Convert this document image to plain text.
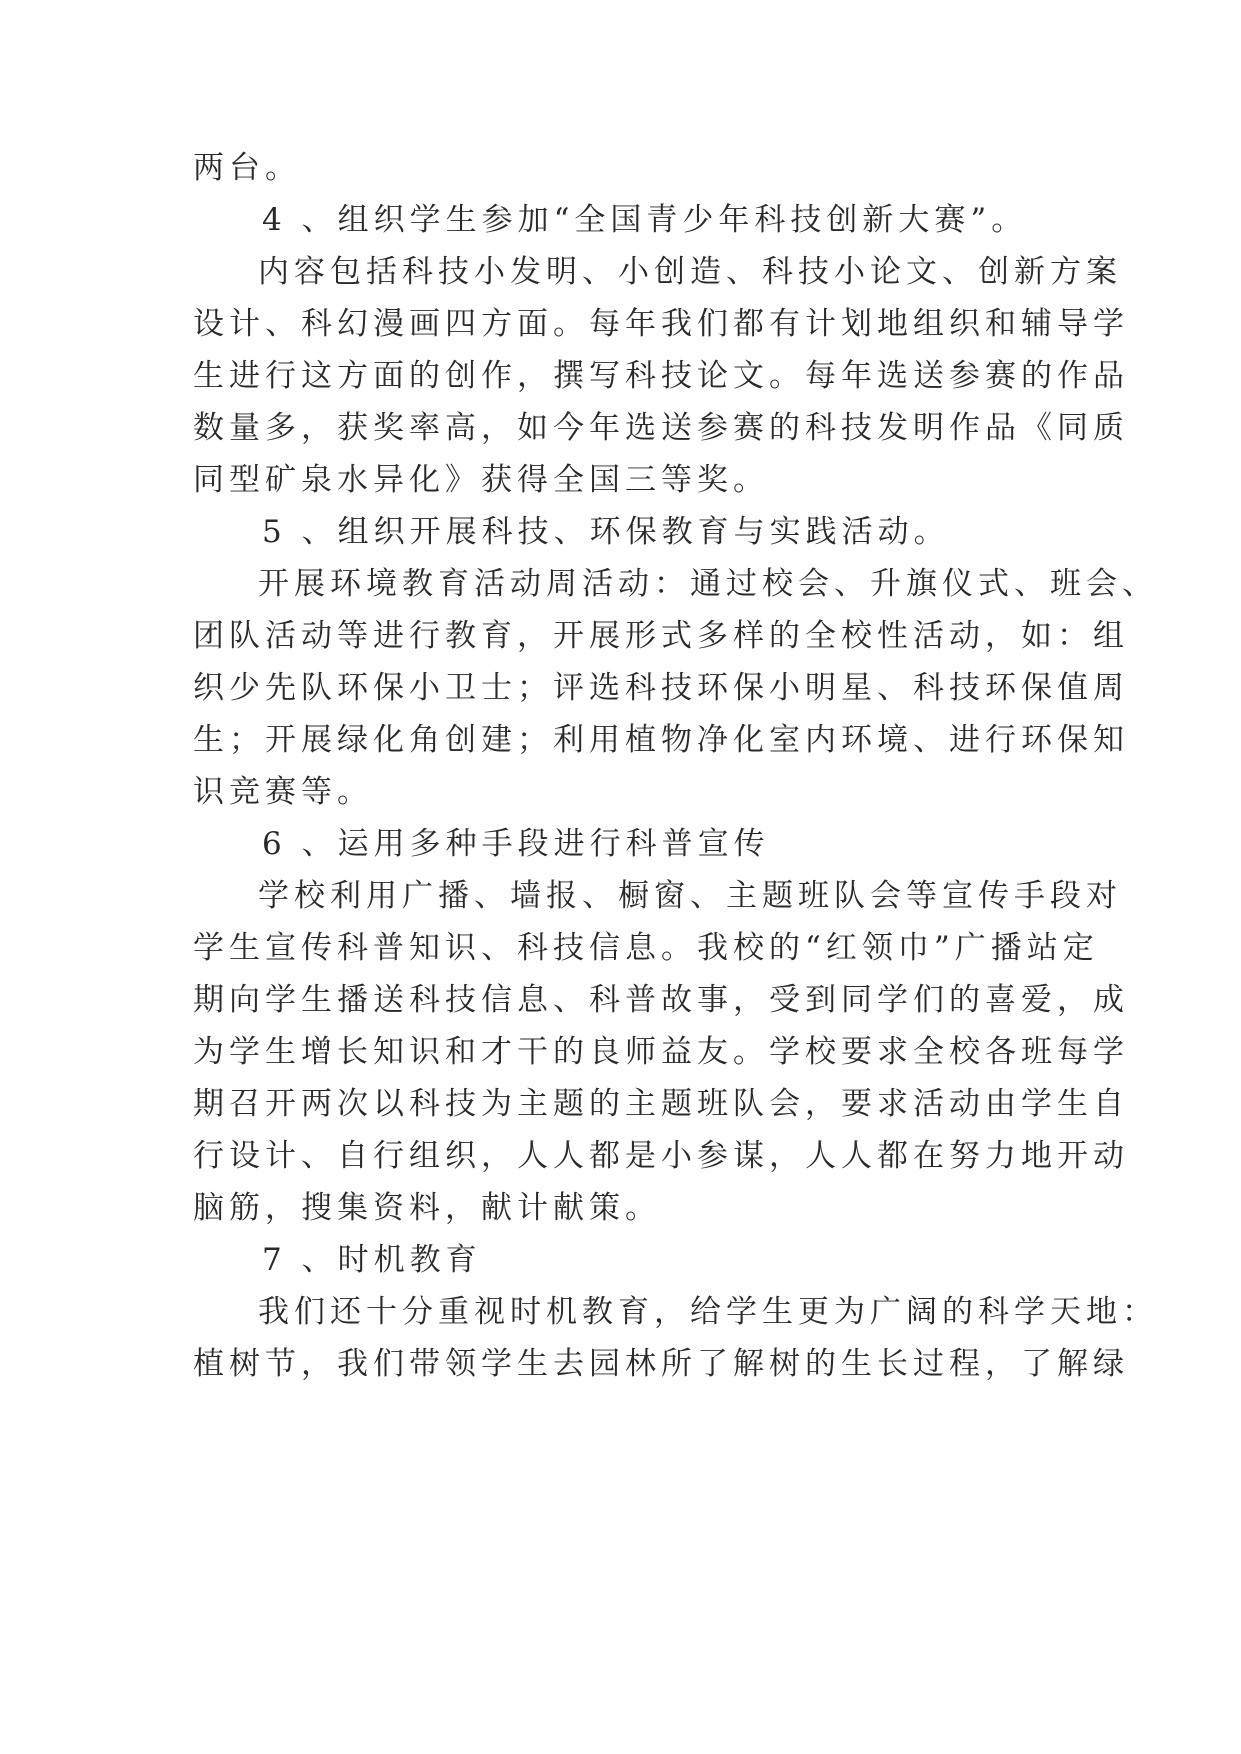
两台。
4 、组织学生参加“全国青少年科技创新大赛”。
内容包括科技小发明、小创造、科技小论文、创新方案
设计、科幻漫画四方面。每年我们都有计划地组织和辅导学
生进行这方面的创作，撰写科技论文。每年选送参赛的作品
数量多，获奖率高，如今年选送参赛的科技发明作品《同质
同型矿泉水异化》获得全国三等奖。
5 、组织开展科技、环保教育与实践活动。
开展环境教育活动周活动：通过校会、升旗仪式、班会、
团队活动等进行教育，开展形式多样的全校性活动，如：组
织少先队环保小卫士；评选科技环保小明星、科技环保值周
生；开展绿化角创建；利用植物净化室内环境、进行环保知
识竞赛等。
6 、运用多种手段进行科普宣传
学校利用广播、墙报、橱窗、主题班队会等宣传手段对
学生宣传科普知识、科技信息。我校的“红领巾”广播站定
期向学生播送科技信息、科普故事，受到同学们的喜爱，成
为学生增长知识和才干的良师益友。学校要求全校各班每学
期召开两次以科技为主题的主题班队会，要求活动由学生自
行设计、自行组织，人人都是小参谋，人人都在努力地开动
脑筋，搜集资料，献计献策。
7 、时机教育
我们还十分重视时机教育，给学生更为广阔的科学天地：
植树节，我们带领学生去园林所了解树的生长过程，了解绿
